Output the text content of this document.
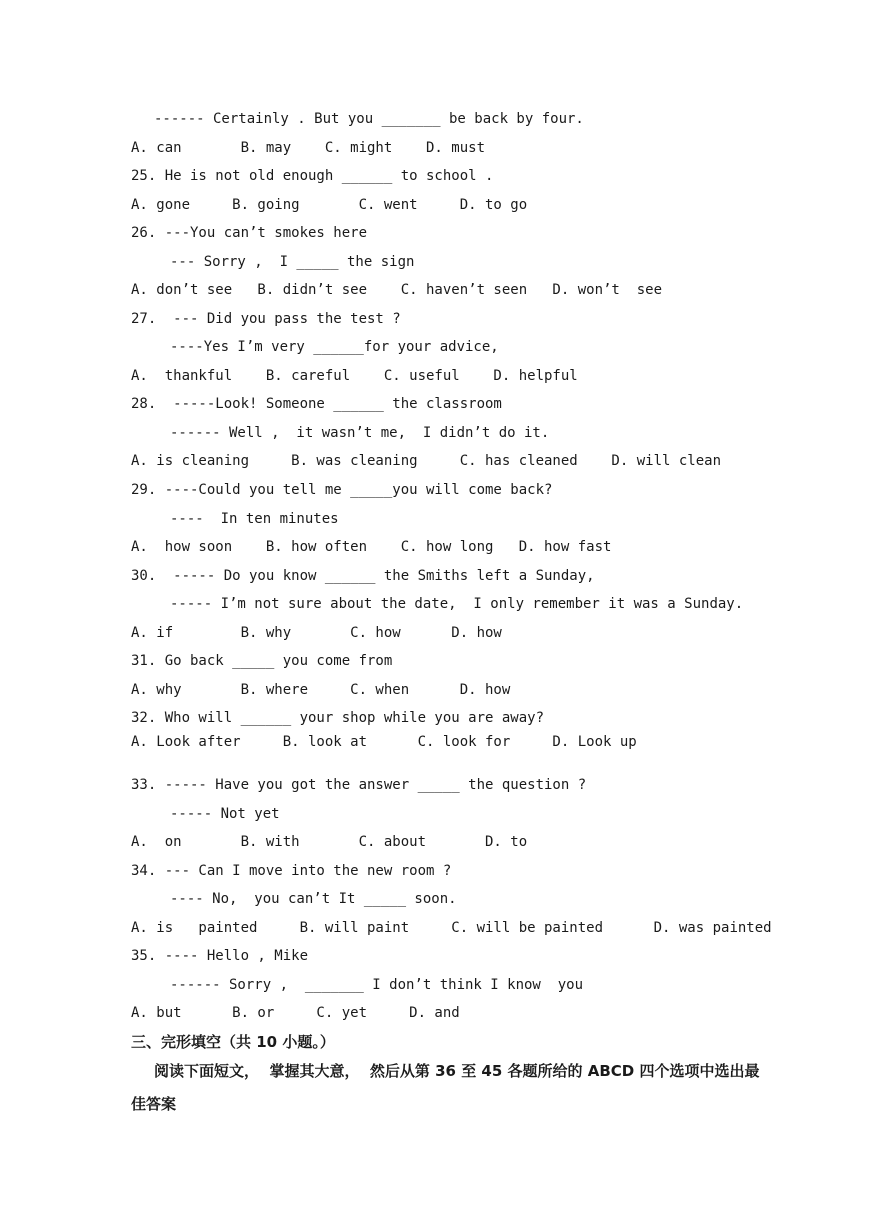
------ Certainly . But you _______ be back by four.
A. can       B. may    C. might    D. must
25. He is not old enough ______ to school .
A. gone     B. going       C. went     D. to go
26. ---You can’t smokes here
--- Sorry ,  I _____ the sign
A. don’t see   B. didn’t see    C. haven’t seen   D. won’t  see
27.  --- Did you pass the test ?
----Yes I’m very ______for your advice,
A.  thankful    B. careful    C. useful    D. helpful
28.  -----Look! Someone ______ the classroom
------ Well ,  it wasn’t me,  I didn’t do it.
A. is cleaning     B. was cleaning     C. has cleaned    D. will clean
29. ----Could you tell me _____you will come back?
----  In ten minutes
A.  how soon    B. how often    C. how long   D. how fast
30.  ----- Do you know ______ the Smiths left a Sunday,
----- I’m not sure about the date,  I only remember it was a Sunday.
A. if        B. why       C. how      D. how
31. Go back _____ you come from
A. why       B. where     C. when      D. how
32. Who will ______ your shop while you are away?
A. Look after     B. look at      C. look for     D. Look up
33. ----- Have you got the answer _____ the question ?
----- Not yet
A.  on       B. with       C. about       D. to
34. --- Can I move into the new room ?
---- No,  you can’t It _____ soon.
A. is   painted     B. will paint     C. will be painted      D. was painted
35. ---- Hello , Mike
------ Sorry ,  _______ I don’t think I know  you
A. but      B. or     C. yet     D. and
三、完形填空（共 10 小题。）
阅读下面短文，  掌握其大意，  然后从第 36 至 45 各题所给的 ABCD 四个选项中选出最
佳答案
